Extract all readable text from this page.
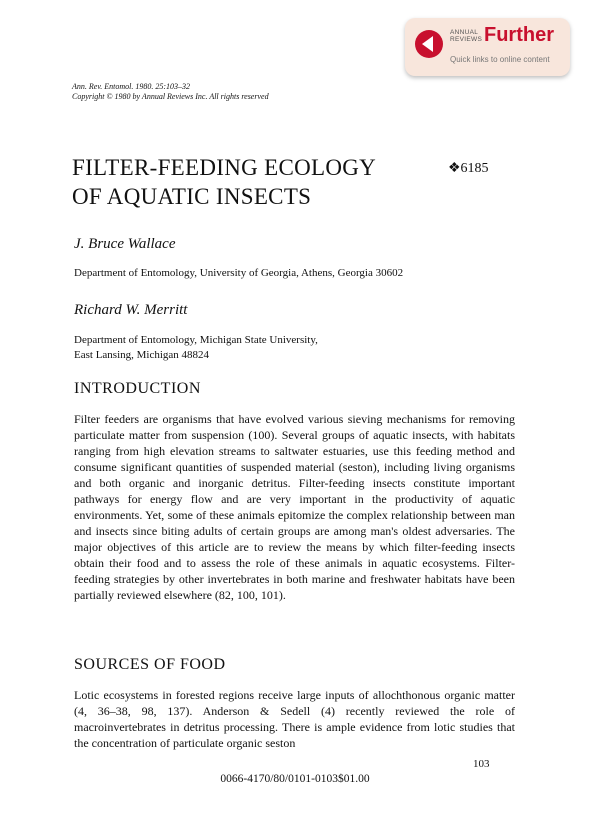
ANNUAL
REVIEWS Further
Quick links to online content
Ann. Rev. Entomol. 1980. 25:103–32
Copyright © 1980 by Annual Reviews Inc. All rights reserved
FILTER-FEEDING ECOLOGY
OF AQUATIC INSECTS
❖6185
J. Bruce Wallace
Department of Entomology, University of Georgia, Athens, Georgia 30602
Richard W. Merritt
Department of Entomology, Michigan State University,
East Lansing, Michigan 48824
INTRODUCTION
Filter feeders are organisms that have evolved various sieving mechanisms for removing particulate matter from suspension (100). Several groups of aquatic insects, with habitats ranging from high elevation streams to saltwater estuaries, use this feeding method and consume significant quantities of suspended material (seston), including living organisms and both organic and inorganic detritus. Filter-feeding insects constitute important pathways for energy flow and are very important in the productivity of aquatic environments. Yet, some of these animals epitomize the complex relationship between man and insects since biting adults of certain groups are among man's oldest adversaries. The major objectives of this article are to review the means by which filter-feeding insects obtain their food and to assess the role of these animals in aquatic ecosystems. Filter-feeding strategies by other invertebrates in both marine and freshwater habitats have been partially reviewed elsewhere (82, 100, 101).
SOURCES OF FOOD
Lotic ecosystems in forested regions receive large inputs of allochthonous organic matter (4, 36–38, 98, 137). Anderson & Sedell (4) recently reviewed the role of macroinvertebrates in detritus processing. There is ample evidence from lotic studies that the concentration of particulate organic seston
103
0066-4170/80/0101-0103$01.00
